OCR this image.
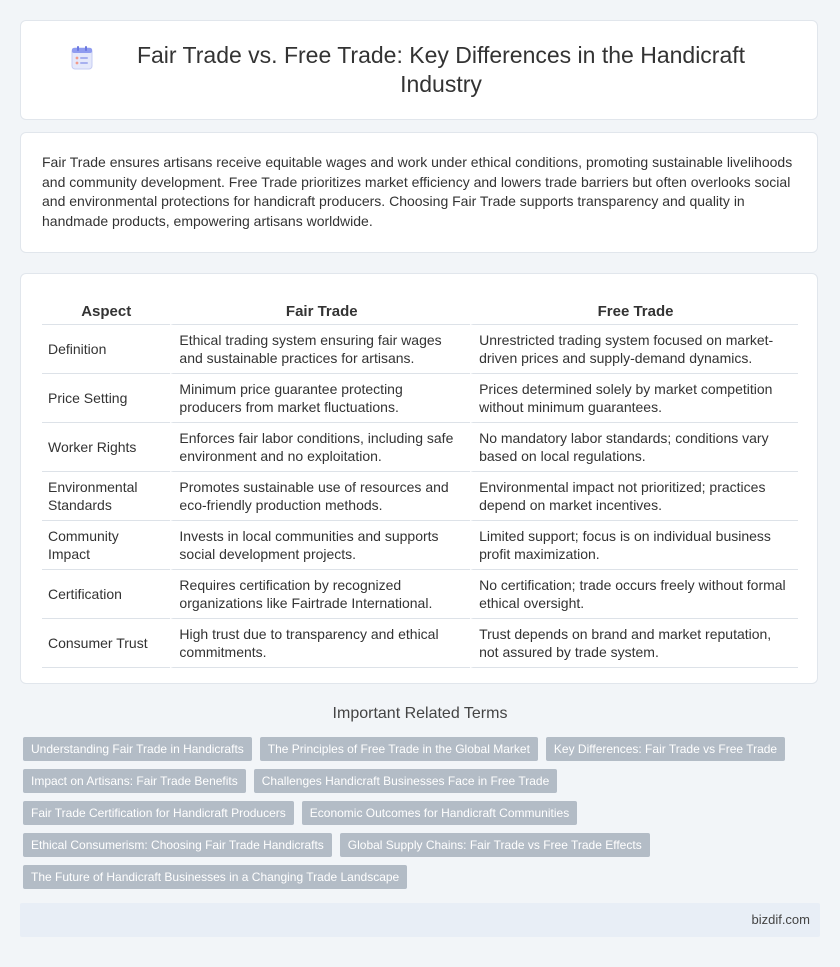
Fair Trade vs. Free Trade: Key Differences in the Handicraft Industry

Fair Trade ensures artisans receive equitable wages and work under ethical conditions, promoting sustainable livelihoods and community development. Free Trade prioritizes market efficiency and lowers trade barriers but often overlooks social and environmental protections for handicraft producers. Choosing Fair Trade supports transparency and quality in handmade products, empowering artisans worldwide.

Aspect	Fair Trade	Free Trade
Definition	Ethical trading system ensuring fair wages and sustainable practices for artisans.	Unrestricted trading system focused on market-driven prices and supply-demand dynamics.
Price Setting	Minimum price guarantee protecting producers from market fluctuations.	Prices determined solely by market competition without minimum guarantees.
Worker Rights	Enforces fair labor conditions, including safe environment and no exploitation.	No mandatory labor standards; conditions vary based on local regulations.
Environmental Standards	Promotes sustainable use of resources and eco-friendly production methods.	Environmental impact not prioritized; practices depend on market incentives.
Community Impact	Invests in local communities and supports social development projects.	Limited support; focus is on individual business profit maximization.
Certification	Requires certification by recognized organizations like Fairtrade International.	No certification; trade occurs freely without formal ethical oversight.
Consumer Trust	High trust due to transparency and ethical commitments.	Trust depends on brand and market reputation, not assured by trade system.
Important Related Terms
Understanding Fair Trade in Handicrafts	The Principles of Free Trade in the Global Market	Key Differences: Fair Trade vs Free Trade
Impact on Artisans: Fair Trade Benefits	Challenges Handicraft Businesses Face in Free Trade
Fair Trade Certification for Handicraft Producers	Economic Outcomes for Handicraft Communities
Ethical Consumerism: Choosing Fair Trade Handicrafts	Global Supply Chains: Fair Trade vs Free Trade Effects
The Future of Handicraft Businesses in a Changing Trade Landscape
bizdif.com
